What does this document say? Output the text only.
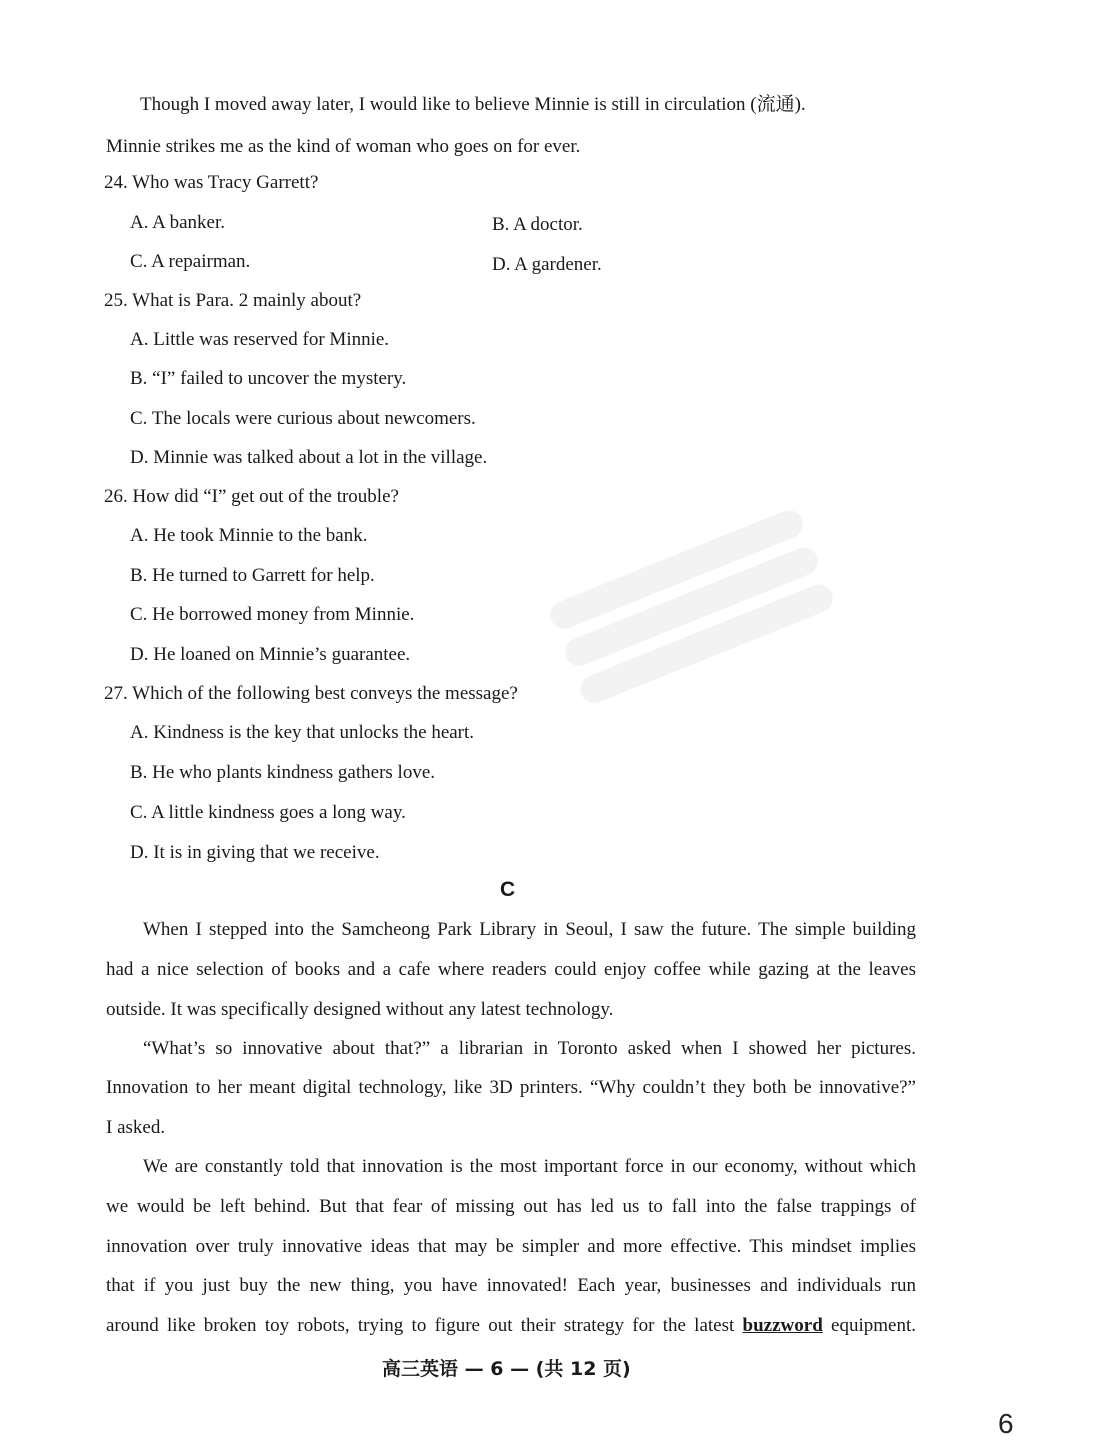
Though I moved away later, I would like to believe Minnie is still in circulation (流通).
Minnie strikes me as the kind of woman who goes on for ever.
24. Who was Tracy Garrett?
A. A banker.	B. A doctor.
C. A repairman.	D. A gardener.
25. What is Para. 2 mainly about?
A. Little was reserved for Minnie.
B. “I” failed to uncover the mystery.
C. The locals were curious about newcomers.
D. Minnie was talked about a lot in the village.
26. How did “I” get out of the trouble?
A. He took Minnie to the bank.
B. He turned to Garrett for help.
C. He borrowed money from Minnie.
D. He loaned on Minnie’s guarantee.
27. Which of the following best conveys the message?
A. Kindness is the key that unlocks the heart.
B. He who plants kindness gathers love.
C. A little kindness goes a long way.
D. It is in giving that we receive.
C
When I stepped into the Samcheong Park Library in Seoul, I saw the future. The simple building
had a nice selection of books and a cafe where readers could enjoy coffee while gazing at the leaves
outside. It was specifically designed without any latest technology.
“What’s so innovative about that?” a librarian in Toronto asked when I showed her pictures.
Innovation to her meant digital technology, like 3D printers. “Why couldn’t they both be innovative?”
I asked.
We are constantly told that innovation is the most important force in our economy, without which
we would be left behind. But that fear of missing out has led us to fall into the false trappings of
innovation over truly innovative ideas that may be simpler and more effective. This mindset implies
that if you just buy the new thing, you have innovated! Each year, businesses and individuals run
around like broken toy robots, trying to figure out their strategy for the latest buzzword equipment.
高三英语 — 6 — (共 12 页)
6
